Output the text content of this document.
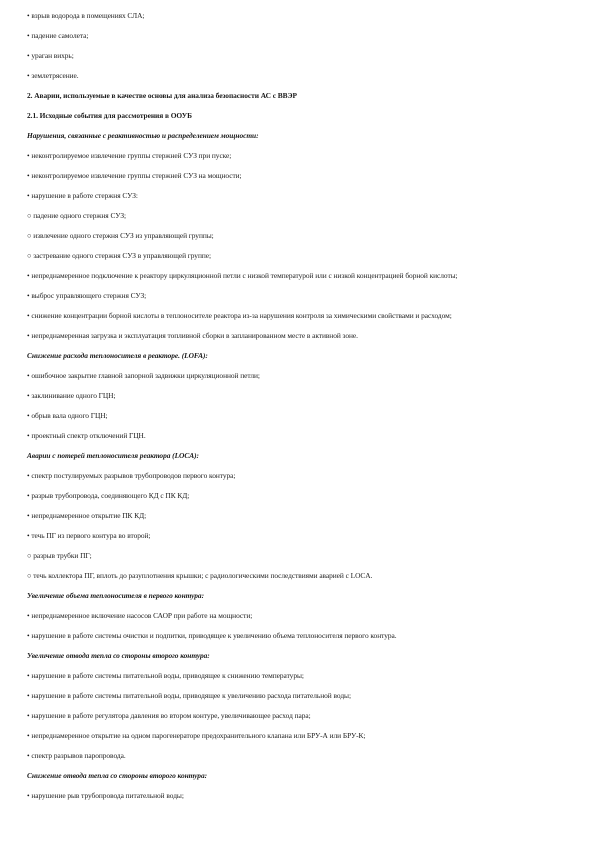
• взрыв водорода в помещениях СЛА;
• падение самолета;
• ураган вихрь;
• землетрясение.
2. Аварии, используемые в качестве основы для анализа безопасности АС с ВВЭР
2.1. Исходные события для рассмотрения в ООУБ
Нарушения, связанные с реактивностью и распределением мощности:
• неконтролируемое извлечение группы стержней СУЗ при пуске;
• неконтролируемое извлечение группы стержней СУЗ на мощности;
• нарушение в работе стержня СУЗ:
○ падение одного стержня СУЗ;
○ извлечение одного стержня СУЗ из управляющей группы;
○ застревание одного стержня СУЗ в управляющей группе;
• непреднамеренное подключение к реактору циркуляционной петли с низкой температурой или с низкой концентрацией борной кислоты;
• выброс управляющего стержня СУЗ;
• снижение концентрации борной кислоты в теплоносителе реактора из-за нарушения контроля за химическими свойствами и расходом;
• непреднамеренная загрузка и эксплуатация топливной сборки в запланированном месте в активной зоне.
Снижение расхода теплоносителя в реакторе. (LOFA):
• ошибочное закрытие главной запорной задвижки циркуляционной петли;
• заклинивание одного ГЦН;
• обрыв вала одного ГЦН;
• проектный спектр отключений ГЦН.
Аварии с потерей теплоносителя реактора (LOCA):
• спектр постулируемых разрывов трубопроводов первого контура;
• разрыв трубопровода, соединяющего КД с ПК КД;
• непреднамеренное открытие ПК КД;
• течь ПГ из первого контура во второй;
○ разрыв трубки ПГ;
○ течь коллектора ПГ, вплоть до разуплотнения крышки; с радиологическими последствиями аварией с LOCA.
Увеличение объема теплоносителя в первого контура:
• непреднамеренное включение насосов САОР при работе на мощности;
• нарушение в работе системы очистки и подпитки, приводящее к увеличению объема теплоносителя первого контура.
Увеличение отвода тепла со стороны второго контура:
• нарушение в работе системы питательной воды, приводящее к снижению температуры;
• нарушение в работе системы питательной воды, приводящее к увеличению расхода питательной воды;
• нарушение в работе регулятора давления во втором контуре, увеличивающее расход пара;
• непреднамеренное открытие на одном парогенераторе предохранительного клапана или БРУ-А или БРУ-К;
• спектр разрывов паропровода.
Снижение отвода тепла со стороны второго контура:
• нарушение рыв трубопровода питательной воды;
